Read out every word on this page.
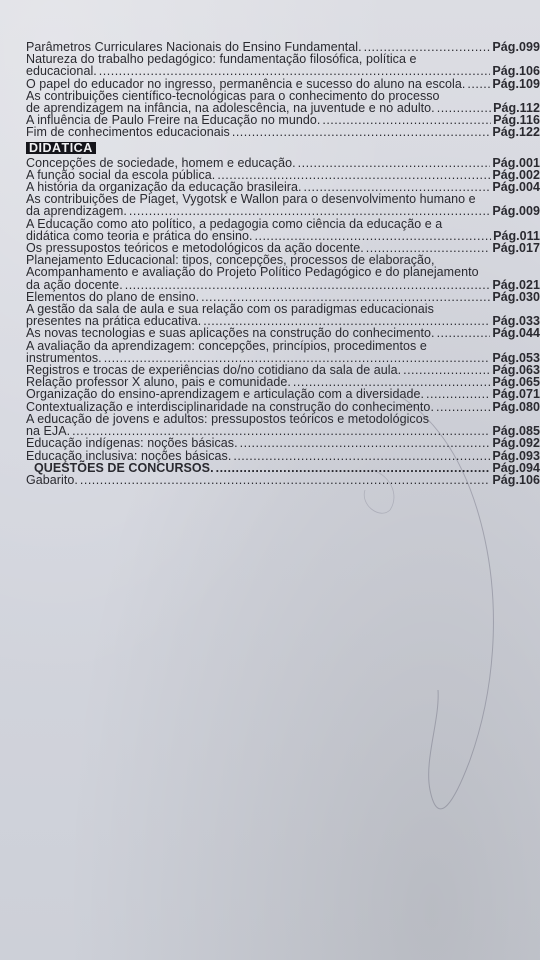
Parâmetros Curriculares Nacionais do Ensino Fundamental. .....	Pág.099
Natureza do trabalho pedagógico: fundamentação filosófica, política e
educacional. .....	Pág.106
O papel do educador no ingresso, permanência e sucesso do aluno na escola. ..... Pág.109
As contribuições científico-tecnológicas para o conhecimento do processo
de aprendizagem na infância, na adolescência, na juventude e no adulto. .....	Pág.112
A influência de Paulo Freire na Educação no mundo. .....	Pág.116
Fim de conhecimentos educacionais .....	Pág.122
DIDÁTICA
Concepções de sociedade, homem e educação. .....	Pág.001
A função social da escola pública. .....	Pág.002
A história da organização da educação brasileira. .....	Pág.004
As contribuições de Piaget, Vygotsk e Wallon para o desenvolvimento humano e
da aprendizagem. .....	Pág.009
A Educação como ato político, a pedagogia como ciência da educação e a
didática como teoria e prática do ensino. .....	Pág.011
Os pressupostos teóricos e metodológicos da ação docente. .....	Pág.017
Planejamento Educacional: tipos, concepções, processos de elaboração,
Acompanhamento e avaliação do Projeto Político Pedagógico e do planejamento
da ação docente. .....	Pág.021
Elementos do plano de ensino. .....	Pág.030
A gestão da sala de aula e sua relação com os paradigmas educacionais
presentes na prática educativa. .....	Pág.033
As novas tecnologias e suas aplicações na construção do conhecimento. .....	Pág.044
A avaliação da aprendizagem: concepções, princípios, procedimentos e
instrumentos. .....	Pág.053
Registros e trocas de experiências do/no cotidiano da sala de aula. .....	Pág.063
Relação professor X aluno, pais e comunidade. .....	Pág.065
Organização do ensino-aprendizagem e articulação com a diversidade. .....	Pág.071
Contextualização e interdisciplinaridade na construção do conhecimento. .....	Pág.080
A educação de jovens e adultos: pressupostos teóricos e metodológicos
na EJA. .....	Pág.085
Educação indígenas: noções básicas. .....	Pág.092
Educação inclusiva: noções básicas. .....	Pág.093
QUESTÕES DE CONCURSOS. .....	Pág.094
Gabarito. .....	Pág.106
